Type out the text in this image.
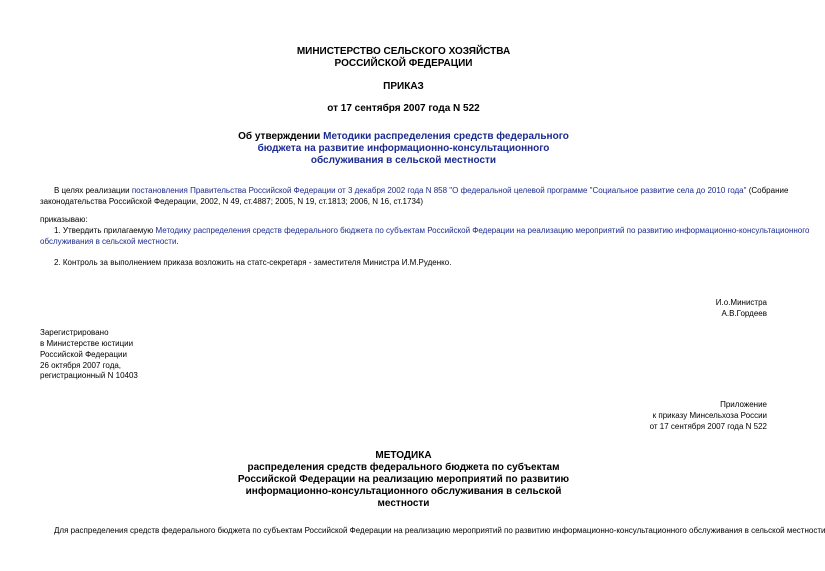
МИНИСТЕРСТВО СЕЛЬСКОГО ХОЗЯЙСТВА
РОССИЙСКОЙ ФЕДЕРАЦИИ
ПРИКАЗ
от 17 сентября 2007 года N 522
Об утверждении Методики распределения средств федерального
бюджета на развитие информационно-консультационного
обслуживания в сельской местности
В целях реализации постановления Правительства Российской Федерации от 3 декабря 2002 года N 858 "О федеральной целевой программе "Социальное развитие села до 2010 года" (Собрание
законодательства Российской Федерации, 2002, N 49, ст.4887; 2005, N 19, ст.1813; 2006, N 16, ст.1734)
приказываю:
1. Утвердить прилагаемую Методику распределения средств федерального бюджета по субъектам Российской Федерации на реализацию мероприятий по развитию информационно-консультационного
обслуживания в сельской местности.
2. Контроль за выполнением приказа возложить на статс-секретаря - заместителя Министра И.М.Руденко.
И.о.Министра
А.В.Гордеев
Зарегистрировано
в Министерстве юстиции
Российской Федерации
26 октября 2007 года,
регистрационный N 10403
Приложение
к приказу Минсельхоза России
от 17 сентября 2007 года N 522
МЕТОДИКА
распределения средств федерального бюджета по субъектам
Российской Федерации на реализацию мероприятий по развитию
информационно-консультационного обслуживания в сельской
местности
Для распределения средств федерального бюджета по субъектам Российской Федерации на реализацию мероприятий по развитию информационно-консультационного обслуживания в сельской местности
